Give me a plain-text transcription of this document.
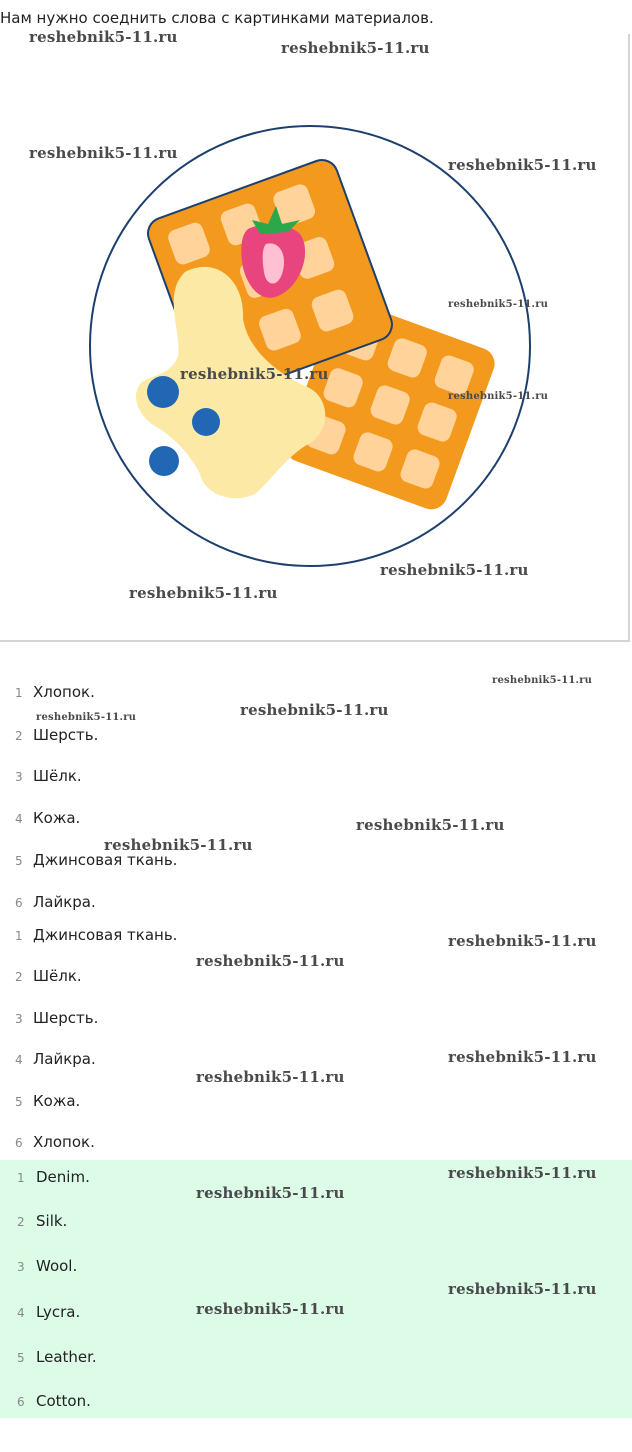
Нам нужно соеднить слова с картинками материалов.
1 Хлопок.
2 Шерсть.
3 Шёлк.
4 Кожа.
5 Джинсовая ткань.
6 Лайкра.
1 Джинсовая ткань.
2 Шёлк.
3 Шерсть.
4 Лайкра.
5 Кожа.
6 Хлопок.
1 Denim.
2 Silk.
3 Wool.
4 Lycra.
5 Leather.
6 Cotton.
reshebnik5-11.ru
reshebnik5-11.ru
reshebnik5-11.ru
reshebnik5-11.ru
reshebnik5-11.ru
reshebnik5-11.ru
reshebnik5-11.ru
reshebnik5-11.ru
reshebnik5-11.ru
reshebnik5-11.ru
reshebnik5-11.ru
reshebnik5-11.ru
reshebnik5-11.ru
reshebnik5-11.ru
reshebnik5-11.ru
reshebnik5-11.ru
reshebnik5-11.ru
reshebnik5-11.ru
reshebnik5-11.ru
reshebnik5-11.ru
reshebnik5-11.ru
reshebnik5-11.ru
